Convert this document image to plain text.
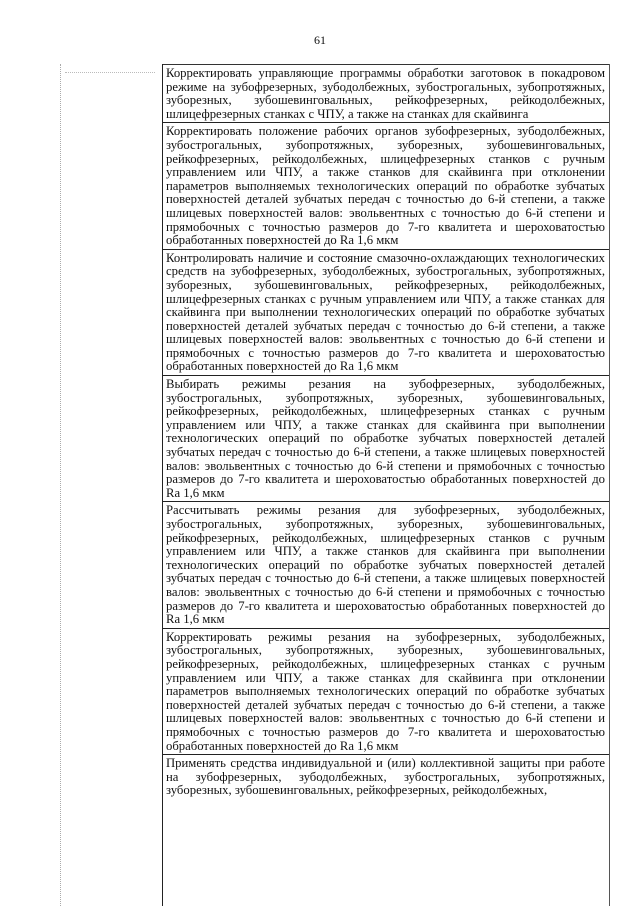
61
Корректировать управляющие программы обработки заготовок в покадровом режиме на зубофрезерных, зубодолбежных, зубострогальных, зубопротяжных, зуборезных, зубошевинговальных, рейкофрезерных, рейкодолбежных, шлицефрезерных станках с ЧПУ, а также на станках для скайвинга
Корректировать положение рабочих органов зубофрезерных, зубодолбежных, зубострогальных, зубопротяжных, зуборезных, зубошевинговальных, рейкофрезерных, рейкодолбежных, шлицефрезерных станков с ручным управлением или ЧПУ, а также станков для скайвинга при отклонении параметров выполняемых технологических операций по обработке зубчатых поверхностей деталей зубчатых передач с точностью до 6-й степени, а также шлицевых поверхностей валов: эвольвентных с точностью до 6-й степени и прямобочных с точностью размеров до 7-го квалитета и шероховатостью обработанных поверхностей до Ra 1,6 мкм
Контролировать наличие и состояние смазочно-охлаждающих технологических средств на зубофрезерных, зубодолбежных, зубострогальных, зубопротяжных, зуборезных, зубошевинговальных, рейкофрезерных, рейкодолбежных, шлицефрезерных станках с ручным управлением или ЧПУ, а также станках для скайвинга при выполнении технологических операций по обработке зубчатых поверхностей деталей зубчатых передач с точностью до 6-й степени, а также шлицевых поверхностей валов: эвольвентных с точностью до 6-й степени и прямобочных с точностью размеров до 7-го квалитета и шероховатостью обработанных поверхностей до Ra 1,6 мкм
Выбирать режимы резания на зубофрезерных, зубодолбежных, зубострогальных, зубопротяжных, зуборезных, зубошевинговальных, рейкофрезерных, рейкодолбежных, шлицефрезерных станках с ручным управлением или ЧПУ, а также станках для скайвинга при выполнении технологических операций по обработке зубчатых поверхностей деталей зубчатых передач с точностью до 6-й степени, а также шлицевых поверхностей валов: эвольвентных с точностью до 6-й степени и прямобочных с точностью размеров до 7-го квалитета и шероховатостью обработанных поверхностей до Ra 1,6 мкм
Рассчитывать режимы резания для зубофрезерных, зубодолбежных, зубострогальных, зубопротяжных, зуборезных, зубошевинговальных, рейкофрезерных, рейкодолбежных, шлицефрезерных станков с ручным управлением или ЧПУ, а также станков для скайвинга при выполнении технологических операций по обработке зубчатых поверхностей деталей зубчатых передач с точностью до 6-й степени, а также шлицевых поверхностей валов: эвольвентных с точностью до 6-й степени и прямобочных с точностью размеров до 7-го квалитета и шероховатостью обработанных поверхностей до Ra 1,6 мкм
Корректировать режимы резания на зубофрезерных, зубодолбежных, зубострогальных, зубопротяжных, зуборезных, зубошевинговальных, рейкофрезерных, рейкодолбежных, шлицефрезерных станках с ручным управлением или ЧПУ, а также станках для скайвинга при отклонении параметров выполняемых технологических операций по обработке зубчатых поверхностей деталей зубчатых передач с точностью до 6-й степени, а также шлицевых поверхностей валов: эвольвентных с точностью до 6-й степени и прямобочных с точностью размеров до 7-го квалитета и шероховатостью обработанных поверхностей до Ra 1,6 мкм
Применять средства индивидуальной и (или) коллективной защиты при работе на зубофрезерных, зубодолбежных, зубострогальных, зубопротяжных, зуборезных, зубошевинговальных, рейкофрезерных, рейкодолбежных,
